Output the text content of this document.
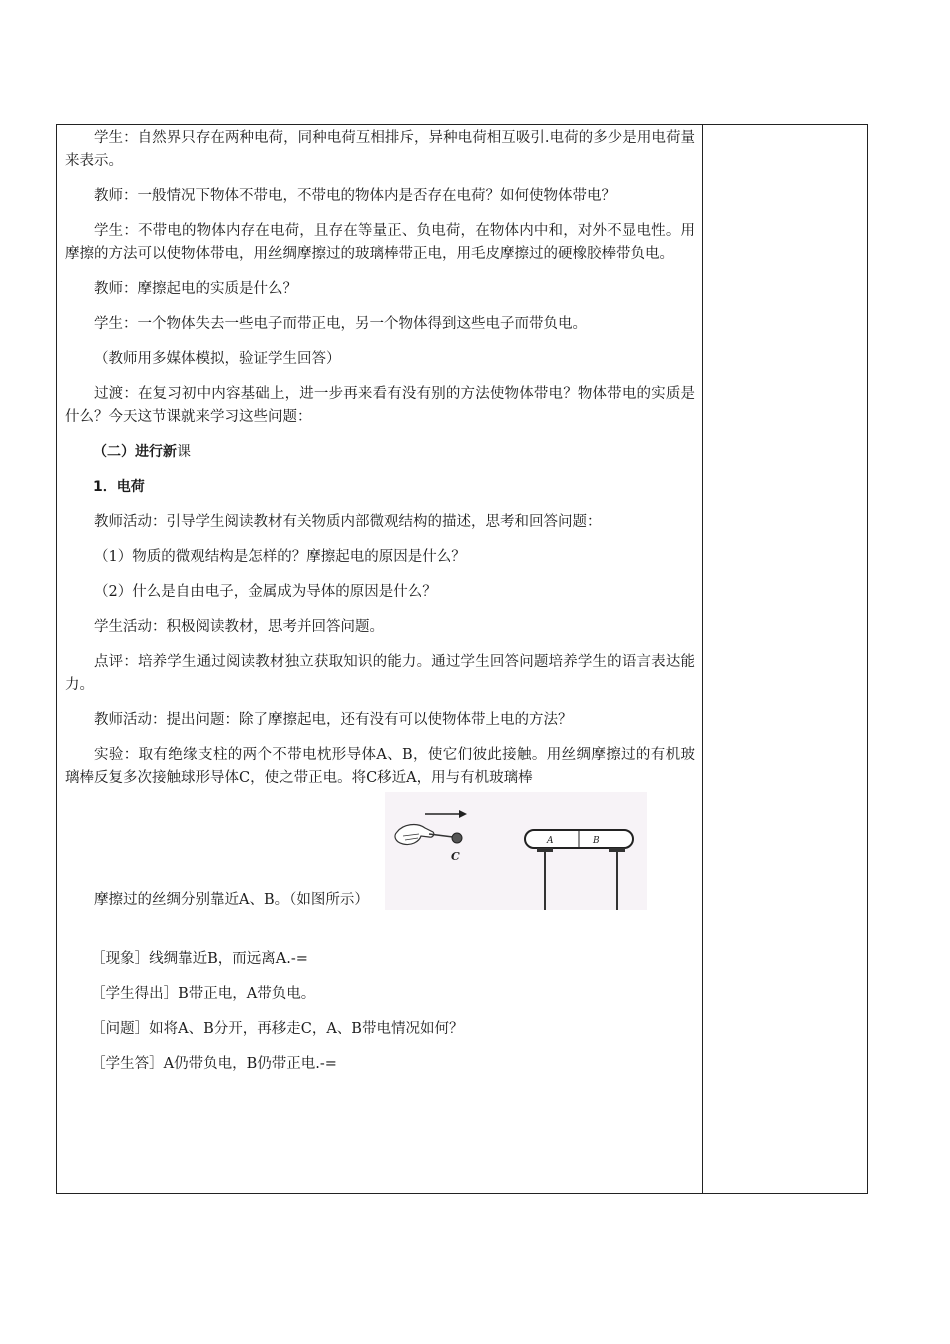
学生：自然界只存在两种电荷，同种电荷互相排斥，异种电荷相互吸引.电荷的多少是用电荷量来表示。

教师：一般情况下物体不带电，不带电的物体内是否存在电荷？如何使物体带电？

学生：不带电的物体内存在电荷，且存在等量正、负电荷，在物体内中和，对外不显电性。用摩擦的方法可以使物体带电，用丝绸摩擦过的玻璃棒带正电，用毛皮摩擦过的硬橡胶棒带负电。

教师：摩擦起电的实质是什么？

学生：一个物体失去一些电子而带正电，另一个物体得到这些电子而带负电。

（教师用多媒体模拟，验证学生回答）

过渡：在复习初中内容基础上，进一步再来看有没有别的方法使物体带电？物体带电的实质是什么？今天这节课就来学习这些问题：

（二）进行新课

1．电荷

教师活动：引导学生阅读教材有关物质内部微观结构的描述，思考和回答问题：

（1）物质的微观结构是怎样的？摩擦起电的原因是什么？

（2）什么是自由电子，金属成为导体的原因是什么？

学生活动：积极阅读教材，思考并回答问题。

点评：培养学生通过阅读教材独立获取知识的能力。通过学生回答问题培养学生的语言表达能力。

教师活动：提出问题：除了摩擦起电，还有没有可以使物体带上电的方法？

实验：取有绝缘支柱的两个不带电枕形导体A、B，使它们彼此接触。用丝绸摩擦过的有机玻璃棒反复多次接触球形导体C，使之带正电。将C移近A，用与有机玻璃棒

C
A	B

摩擦过的丝绸分别靠近A、B。（如图所示）

［现象］线绸靠近B，而远离A.-=

［学生得出］B带正电，A带负电。

［问题］如将A、B分开，再移走C，A、B带电情况如何？

［学生答］A仍带负电，B仍带正电.-=
